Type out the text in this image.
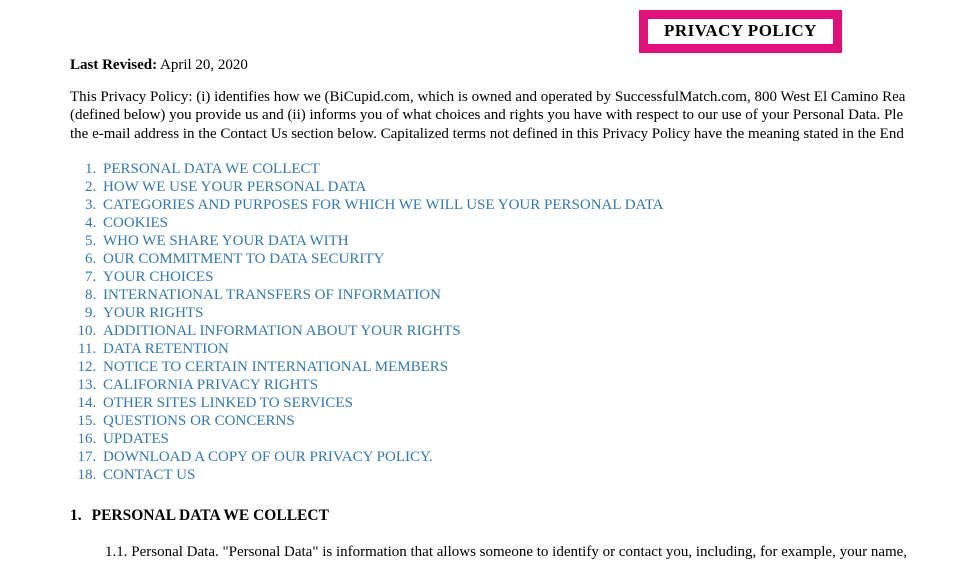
PRIVACY POLICY

Last Revised: April 20, 2020

This Privacy Policy: (i) identifies how we (BiCupid.com, which is owned and operated by SuccessfulMatch.com, 800 West El Camino Rea
(defined below) you provide us and (ii) informs you of what choices and rights you have with respect to our use of your Personal Data. Ple
the e-mail address in the Contact Us section below. Capitalized terms not defined in this Privacy Policy have the meaning stated in the End
1. PERSONAL DATA WE COLLECT
2. HOW WE USE YOUR PERSONAL DATA
3. CATEGORIES AND PURPOSES FOR WHICH WE WILL USE YOUR PERSONAL DATA
4. COOKIES
5. WHO WE SHARE YOUR DATA WITH
6. OUR COMMITMENT TO DATA SECURITY
7. YOUR CHOICES
8. INTERNATIONAL TRANSFERS OF INFORMATION
9. YOUR RIGHTS
10. ADDITIONAL INFORMATION ABOUT YOUR RIGHTS
11. DATA RETENTION
12. NOTICE TO CERTAIN INTERNATIONAL MEMBERS
13. CALIFORNIA PRIVACY RIGHTS
14. OTHER SITES LINKED TO SERVICES
15. QUESTIONS OR CONCERNS
16. UPDATES
17. DOWNLOAD A COPY OF OUR PRIVACY POLICY.
18. CONTACT US
1. PERSONAL DATA WE COLLECT
1.1. Personal Data. "Personal Data" is information that allows someone to identify or contact you, including, for example, your name,
